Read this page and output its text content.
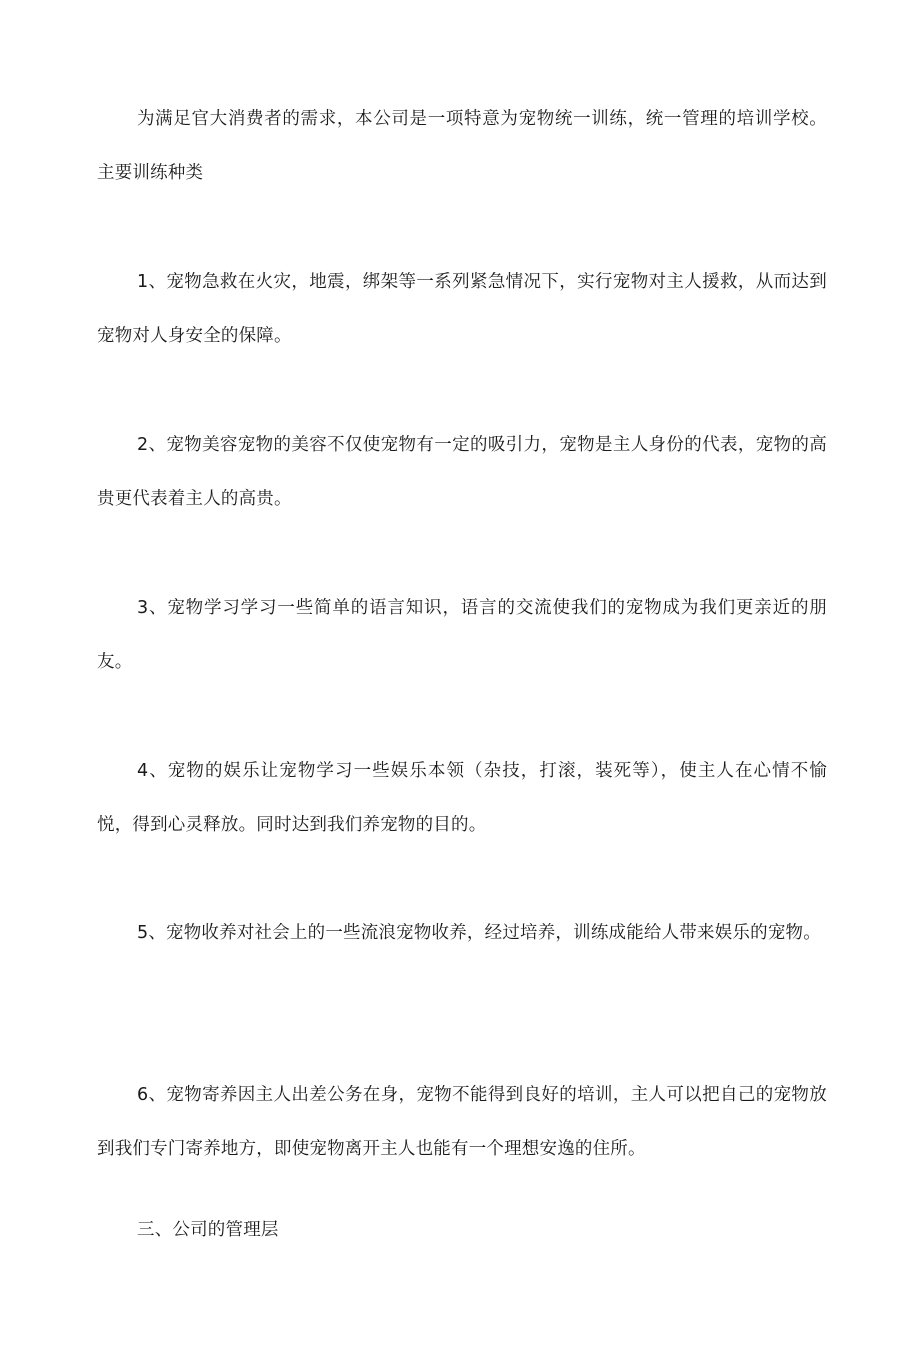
为满足官大消费者的需求，本公司是一项特意为宠物统一训练，统一管理的培训学校。主要训练种类

1、宠物急救在火灾，地震，绑架等一系列紧急情况下，实行宠物对主人援救，从而达到宠物对人身安全的保障。

2、宠物美容宠物的美容不仅使宠物有一定的吸引力，宠物是主人身份的代表，宠物的高贵更代表着主人的高贵。

3、宠物学习学习一些简单的语言知识，语言的交流使我们的宠物成为我们更亲近的朋友。

4、宠物的娱乐让宠物学习一些娱乐本领（杂技，打滚，装死等），使主人在心情不愉悦，得到心灵释放。同时达到我们养宠物的目的。

5、宠物收养对社会上的一些流浪宠物收养，经过培养，训练成能给人带来娱乐的宠物。

6、宠物寄养因主人出差公务在身，宠物不能得到良好的培训，主人可以把自己的宠物放到我们专门寄养地方，即使宠物离开主人也能有一个理想安逸的住所。

三、公司的管理层
